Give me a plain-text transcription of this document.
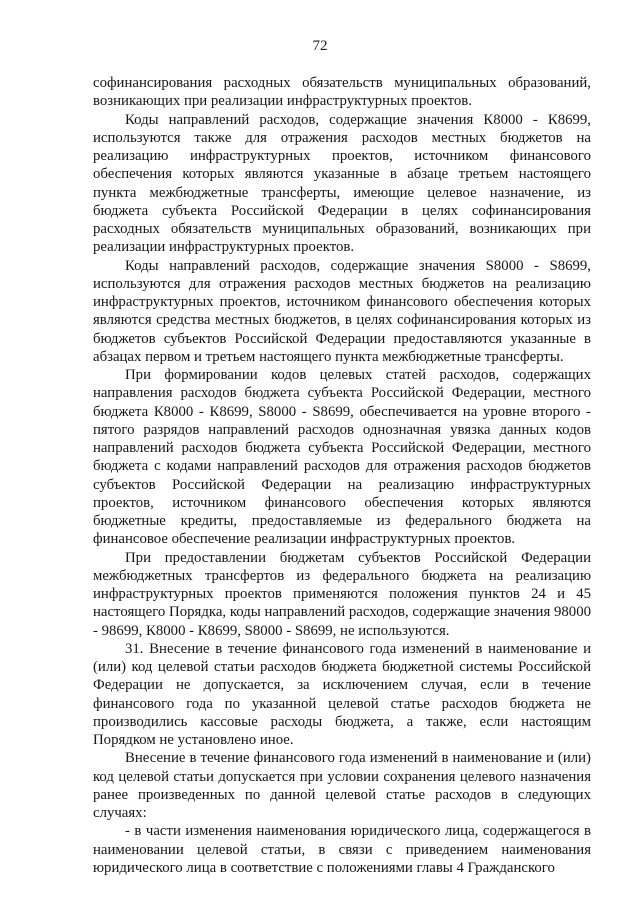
72

софинансирования расходных обязательств муниципальных образований, возникающих при реализации инфраструктурных проектов.

Коды направлений расходов, содержащие значения К8000 - К8699, используются также для отражения расходов местных бюджетов на реализацию инфраструктурных проектов, источником финансового обеспечения которых являются указанные в абзаце третьем настоящего пункта межбюджетные трансферты, имеющие целевое назначение, из бюджета субъекта Российской Федерации в целях софинансирования расходных обязательств муниципальных образований, возникающих при реализации инфраструктурных проектов.

Коды направлений расходов, содержащие значения S8000 - S8699, используются для отражения расходов местных бюджетов на реализацию инфраструктурных проектов, источником финансового обеспечения которых являются средства местных бюджетов, в целях софинансирования которых из бюджетов субъектов Российской Федерации предоставляются указанные в абзацах первом и третьем настоящего пункта межбюджетные трансферты.

При формировании кодов целевых статей расходов, содержащих направления расходов бюджета субъекта Российской Федерации, местного бюджета К8000 - К8699, S8000 - S8699, обеспечивается на уровне второго - пятого разрядов направлений расходов однозначная увязка данных кодов направлений расходов бюджета субъекта Российской Федерации, местного бюджета с кодами направлений расходов для отражения расходов бюджетов субъектов Российской Федерации на реализацию инфраструктурных проектов, источником финансового обеспечения которых являются бюджетные кредиты, предоставляемые из федерального бюджета на финансовое обеспечение реализации инфраструктурных проектов.

При предоставлении бюджетам субъектов Российской Федерации межбюджетных трансфертов из федерального бюджета на реализацию инфраструктурных проектов применяются положения пунктов 24 и 45 настоящего Порядка, коды направлений расходов, содержащие значения 98000 - 98699, К8000 - К8699, S8000 - S8699, не используются.

31. Внесение в течение финансового года изменений в наименование и (или) код целевой статьи расходов бюджета бюджетной системы Российской Федерации не допускается, за исключением случая, если в течение финансового года по указанной целевой статье расходов бюджета не производились кассовые расходы бюджета, а также, если настоящим Порядком не установлено иное.

Внесение в течение финансового года изменений в наименование и (или) код целевой статьи допускается при условии сохранения целевого назначения ранее произведенных по данной целевой статье расходов в следующих случаях:

- в части изменения наименования юридического лица, содержащегося в наименовании целевой статьи, в связи с приведением наименования юридического лица в соответствие с положениями главы 4 Гражданского
